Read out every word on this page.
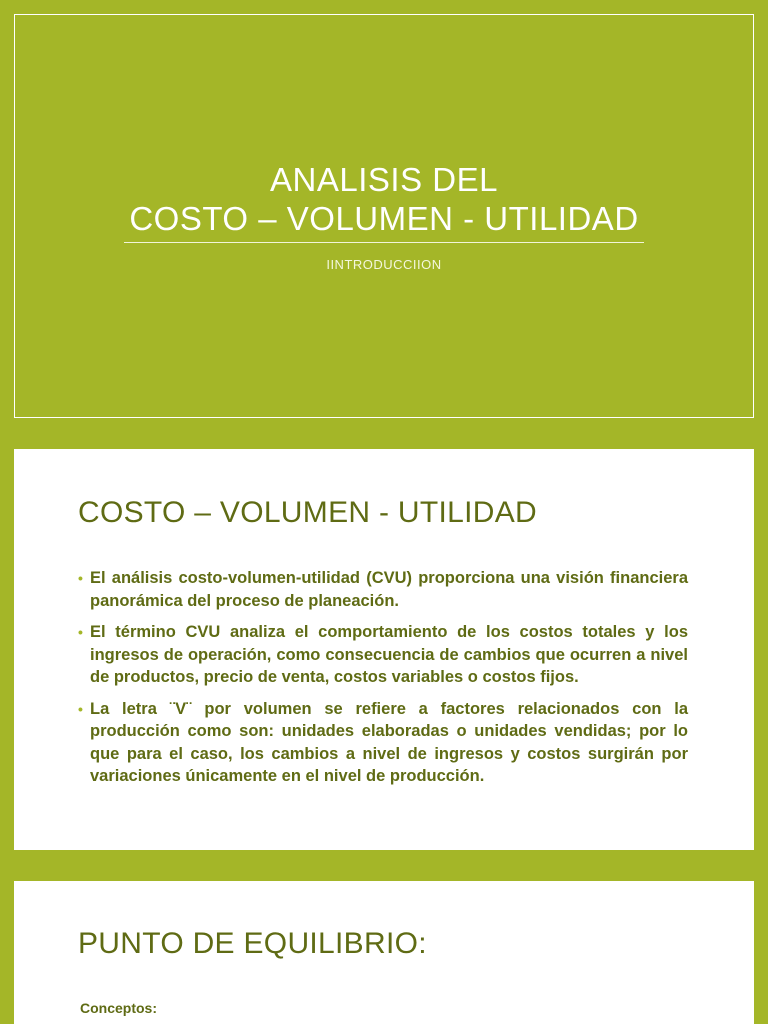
ANALISIS DEL
COSTO – VOLUMEN - UTILIDAD
IINTRODUCCIION
COSTO – VOLUMEN - UTILIDAD
• El análisis costo-volumen-utilidad (CVU) proporciona una visión financiera panorámica del proceso de planeación.
• El término CVU analiza el comportamiento de los costos totales y los ingresos de operación, como consecuencia de cambios que ocurren a nivel de productos, precio de venta, costos variables o costos fijos.
• La letra ¨V¨ por volumen se refiere a factores relacionados con la producción como son: unidades elaboradas o unidades vendidas; por lo que para el caso, los cambios a nivel de ingresos y costos surgirán por variaciones únicamente en el nivel de producción.
PUNTO DE EQUILIBRIO:
Conceptos:
